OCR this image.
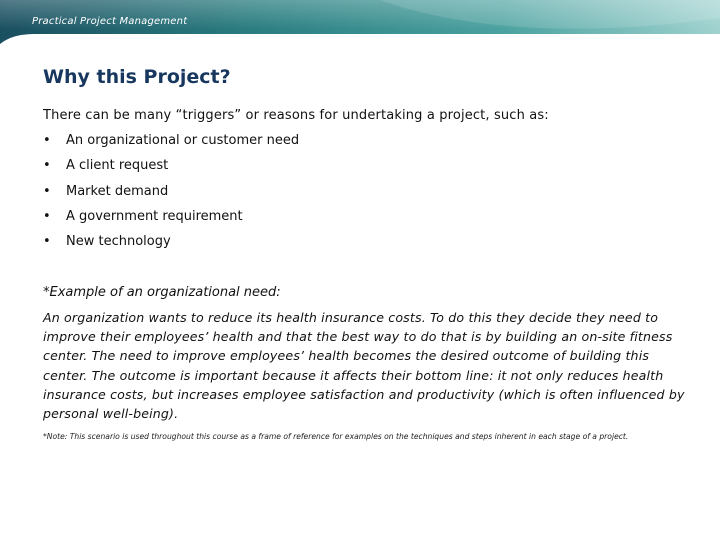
Practical Project Management
Why this Project?

There can be many “triggers” or reasons for undertaking a project, such as:

• An organizational or customer need
• A client request
• Market demand
• A government requirement
• New technology

*Example of an organizational need:

An organization wants to reduce its health insurance costs. To do this they decide they need to improve their employees’ health and that the best way to do that is by building an on-site fitness center. The need to improve employees’ health becomes the desired outcome of building this center. The outcome is important because it affects their bottom line: it not only reduces health insurance costs, but increases employee satisfaction and productivity (which is often influenced by personal well-being).

*Note: This scenario is used throughout this course as a frame of reference for examples on the techniques and steps inherent in each stage of a project.
